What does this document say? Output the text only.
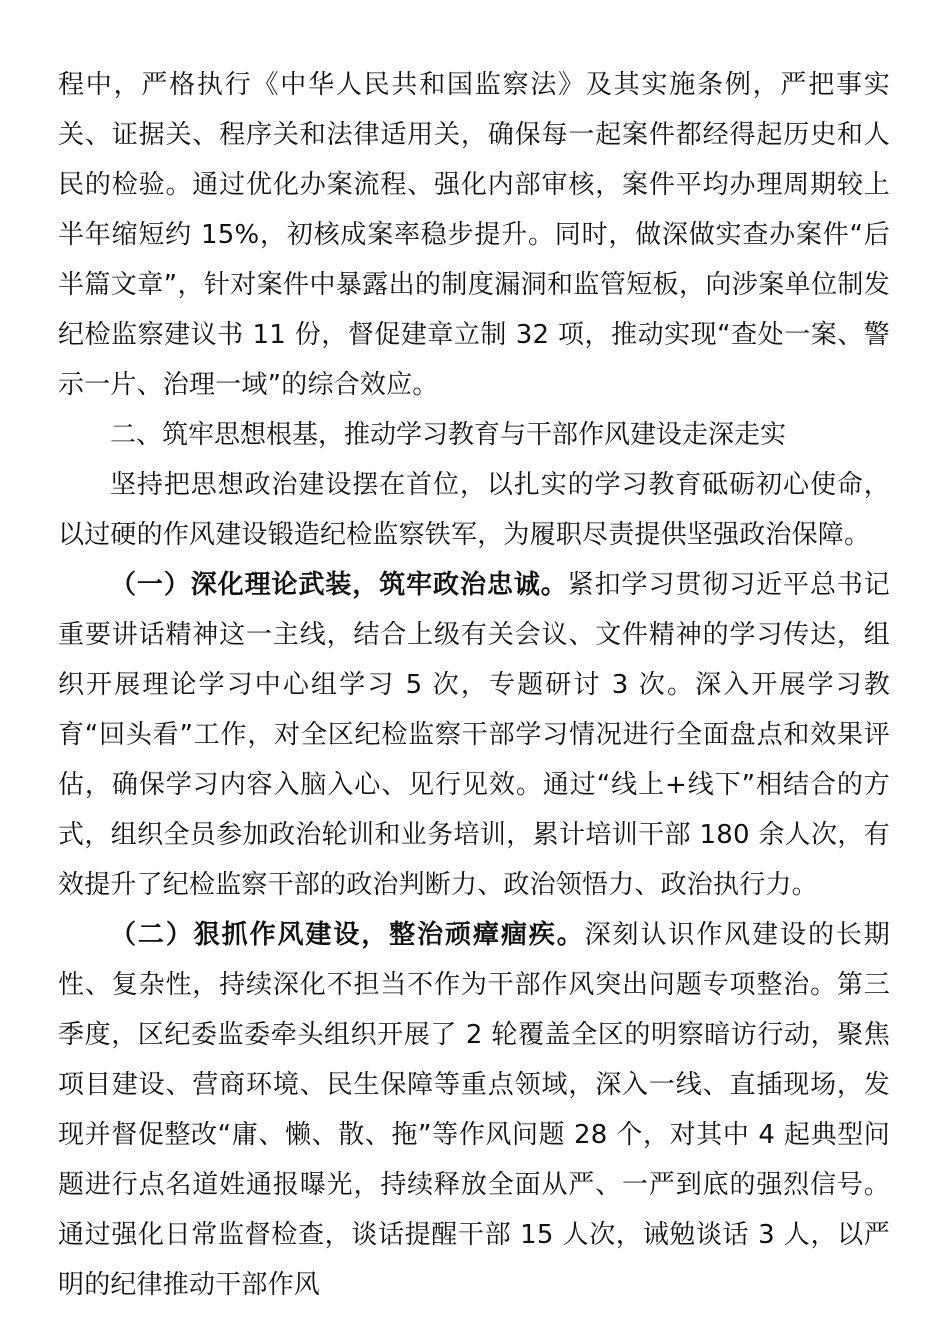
程中，严格执行《中华人民共和国监察法》及其实施条例，严把事实关、证据关、程序关和法律适用关，确保每一起案件都经得起历史和人民的检验。通过优化办案流程、强化内部审核，案件平均办理周期较上半年缩短约 15%，初核成案率稳步提升。同时，做深做实查办案件“后半篇文章”，针对案件中暴露出的制度漏洞和监管短板，向涉案单位制发纪检监察建议书 11 份，督促建章立制 32 项，推动实现“查处一案、警示一片、治理一域”的综合效应。

二、筑牢思想根基，推动学习教育与干部作风建设走深走实

坚持把思想政治建设摆在首位，以扎实的学习教育砥砺初心使命，以过硬的作风建设锻造纪检监察铁军，为履职尽责提供坚强政治保障。

（一）深化理论武装，筑牢政治忠诚。紧扣学习贯彻习近平总书记重要讲话精神这一主线，结合上级有关会议、文件精神的学习传达，组织开展理论学习中心组学习 5 次，专题研讨 3 次。深入开展学习教育“回头看”工作，对全区纪检监察干部学习情况进行全面盘点和效果评估，确保学习内容入脑入心、见行见效。通过“线上+线下”相结合的方式，组织全员参加政治轮训和业务培训，累计培训干部 180 余人次，有效提升了纪检监察干部的政治判断力、政治领悟力、政治执行力。

（二）狠抓作风建设，整治顽瘴痼疾。深刻认识作风建设的长期性、复杂性，持续深化不担当不作为干部作风突出问题专项整治。第三季度，区纪委监委牵头组织开展了 2 轮覆盖全区的明察暗访行动，聚焦项目建设、营商环境、民生保障等重点领域，深入一线、直插现场，发现并督促整改“庸、懒、散、拖”等作风问题 28 个，对其中 4 起典型问题进行点名道姓通报曝光，持续释放全面从严、一严到底的强烈信号。通过强化日常监督检查，谈话提醒干部 15 人次，诫勉谈话 3 人，以严明的纪律推动干部作风
